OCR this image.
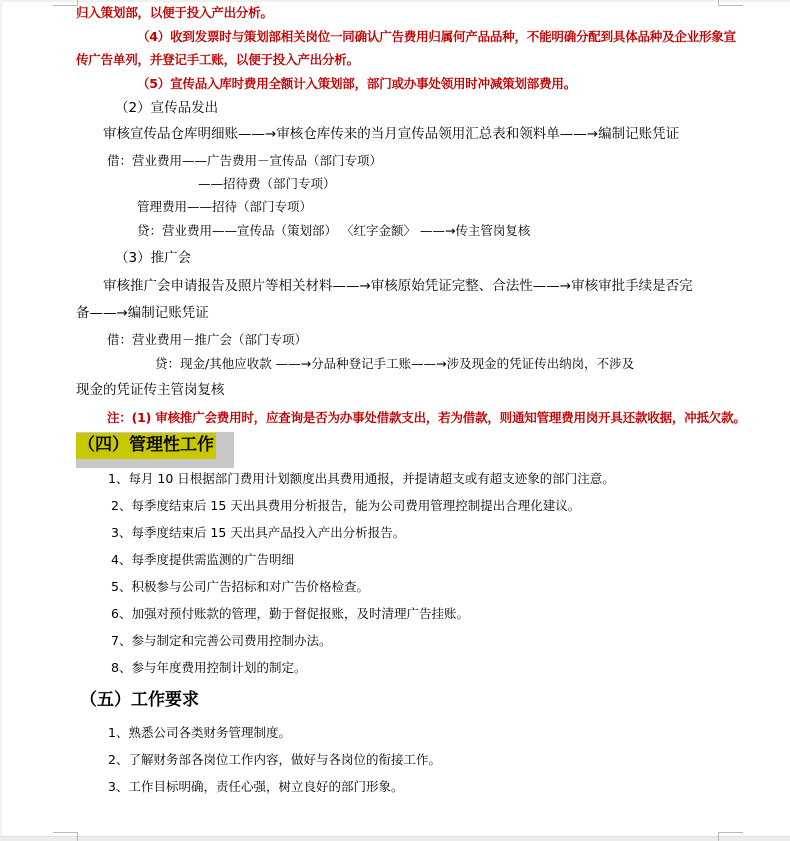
归入策划部，以便于投入产出分析。
（4）收到发票时与策划部相关岗位一同确认广告费用归属何产品品种，不能明确分配到具体品种及企业形象宣
传广告单列，并登记手工账，以便于投入产出分析。
（5）宣传品入库时费用全额计入策划部，部门或办事处领用时冲减策划部费用。
（2）宣传品发出
审核宣传品仓库明细账——→审核仓库传来的当月宣传品领用汇总表和领料单——→编制记账凭证
借：营业费用——广告费用－宣传品（部门专项）
——招待费（部门专项）
管理费用——招待（部门专项）
贷：营业费用——宣传品（策划部） 〈红字金额〉 ——→传主管岗复核
（3）推广会
审核推广会申请报告及照片等相关材料——→审核原始凭证完整、合法性——→审核审批手续是否完
备——→编制记账凭证
借：营业费用－推广会（部门专项）
贷：现金/其他应收款 ——→分品种登记手工账——→涉及现金的凭证传出纳岗，不涉及
现金的凭证传主管岗复核
注：(1) 审核推广会费用时，应查询是否为办事处借款支出，若为借款，则通知管理费用岗开具还款收据，冲抵欠款。
（四）管理性工作
1、每月 10 日根据部门费用计划额度出具费用通报，并提请超支或有超支迹象的部门注意。
2、每季度结束后 15 天出具费用分析报告，能为公司费用管理控制提出合理化建议。
3、每季度结束后 15 天出具产品投入产出分析报告。
4、每季度提供需监测的广告明细
5、积极参与公司广告招标和对广告价格检查。
6、加强对预付账款的管理，勤于督促报账，及时清理广告挂账。
7、参与制定和完善公司费用控制办法。
8、参与年度费用控制计划的制定。
（五）工作要求
1、熟悉公司各类财务管理制度。
2、了解财务部各岗位工作内容，做好与各岗位的衔接工作。
3、工作目标明确，责任心强，树立良好的部门形象。
